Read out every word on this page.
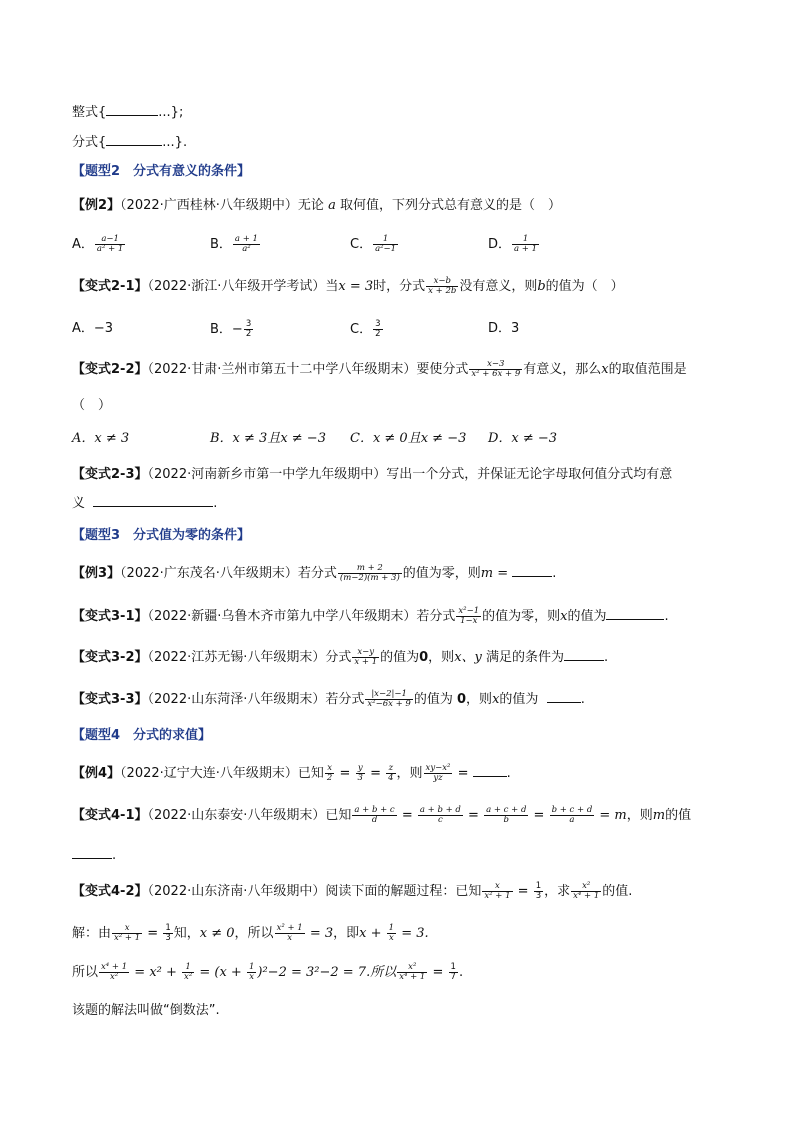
整式{	...};
分式{	...}.
【题型2　分式有意义的条件】
【例2】（2022·广西桂林·八年级期中）无论 a 取何值，下列分式总有意义的是（　）
A． $\frac{a-1}{\text{a² + 1}}$	B． $\frac{a + 1}{\text{a²}}$	C． $\frac{1}{\text{a²−1}}$	D． $\frac{1}{a + 1}$
【变式2-1】（2022·浙江·八年级开学考试）当x = 3时，分式 $\frac{x-b}{x + 2b}$ 没有意义，则b的值为（　）
A．−3	B．− $\frac{3}{2}$	C． $\frac{3}{2}$	D．3
【变式2-2】（2022·甘肃·兰州市第五十二中学八年级期末）要使分式 $\frac{x-3}{\text{x² + 6x + 9}}$ 有意义，那么x的取值范围是
（　）
A．x ≠ 3	B．x ≠ 3且x ≠ −3 C．x ≠ 0且x ≠ −3 D．x ≠ −3
【变式2-3】（2022·河南新乡市第一中学九年级期中）写出一个分式，并保证无论字母取何值分式均有意
义	.
【题型3　分式值为零的条件】
【例3】（2022·广东茂名·八年级期末）若分式 $\frac{m + 2}{(m-2)(m + 3)}$ 的值为零，则m =	.
【变式3-1】（2022·新疆·乌鲁木齐市第九中学八年级期末）若分式 $\frac{\text{x²−1}}{1-x}$ 的值为零，则x的值为	.
【变式3-2】（2022·江苏无锡·八年级期末）分式 $\frac{x-y}{x + 1}$ 的值为0，则x、y 满足的条件为	.
【变式3-3】（2022·山东菏泽·八年级期末）若分式 $\frac{|x-2|-1}{\text{x²−6x + 9}}$ 的值为 0，则x的值为	.
【题型4　分式的求值】
【例4】（2022·辽宁大连·八年级期末）已知 $\frac{x}{2} = \frac{y}{3} = \frac{z}{4}$ ，则 $\frac{\text{xy−x²}}{yz}$ =	.
【变式4-1】（2022·山东泰安·八年级期末）已知 $\frac{a + b + c}{d} = \frac{a + b + d}{c} = \frac{a + c + d}{b} = \frac{b + c + d}{a} = m$，则m的值
.
【变式4-2】（2022·山东济南·八年级期中）阅读下面的解题过程：已知 $\frac{x}{\text{x² + 1}} = \frac{1}{3}$ ，求 $\frac{\text{x²}}{\text{x⁴ + 1}}$ 的值.
解：由 $\frac{x}{\text{x² + 1}} = \frac{1}{3}$ 知，x ≠ 0，所以 $\frac{\text{x² + 1}}{x} = 3$，即$x + \frac{1}{x} = 3$.
所以 $\frac{\text{x⁴ + 1}}{\text{x²}} = x^2 + \frac{1}{\text{x²}} = (x + \frac{1}{x} )^2-2 = 3^2-2 = 7$.所以 $\frac{\text{x²}}{\text{x⁴ + 1}} = \frac{1}{7}$ .
该题的解法叫做“倒数法”.
